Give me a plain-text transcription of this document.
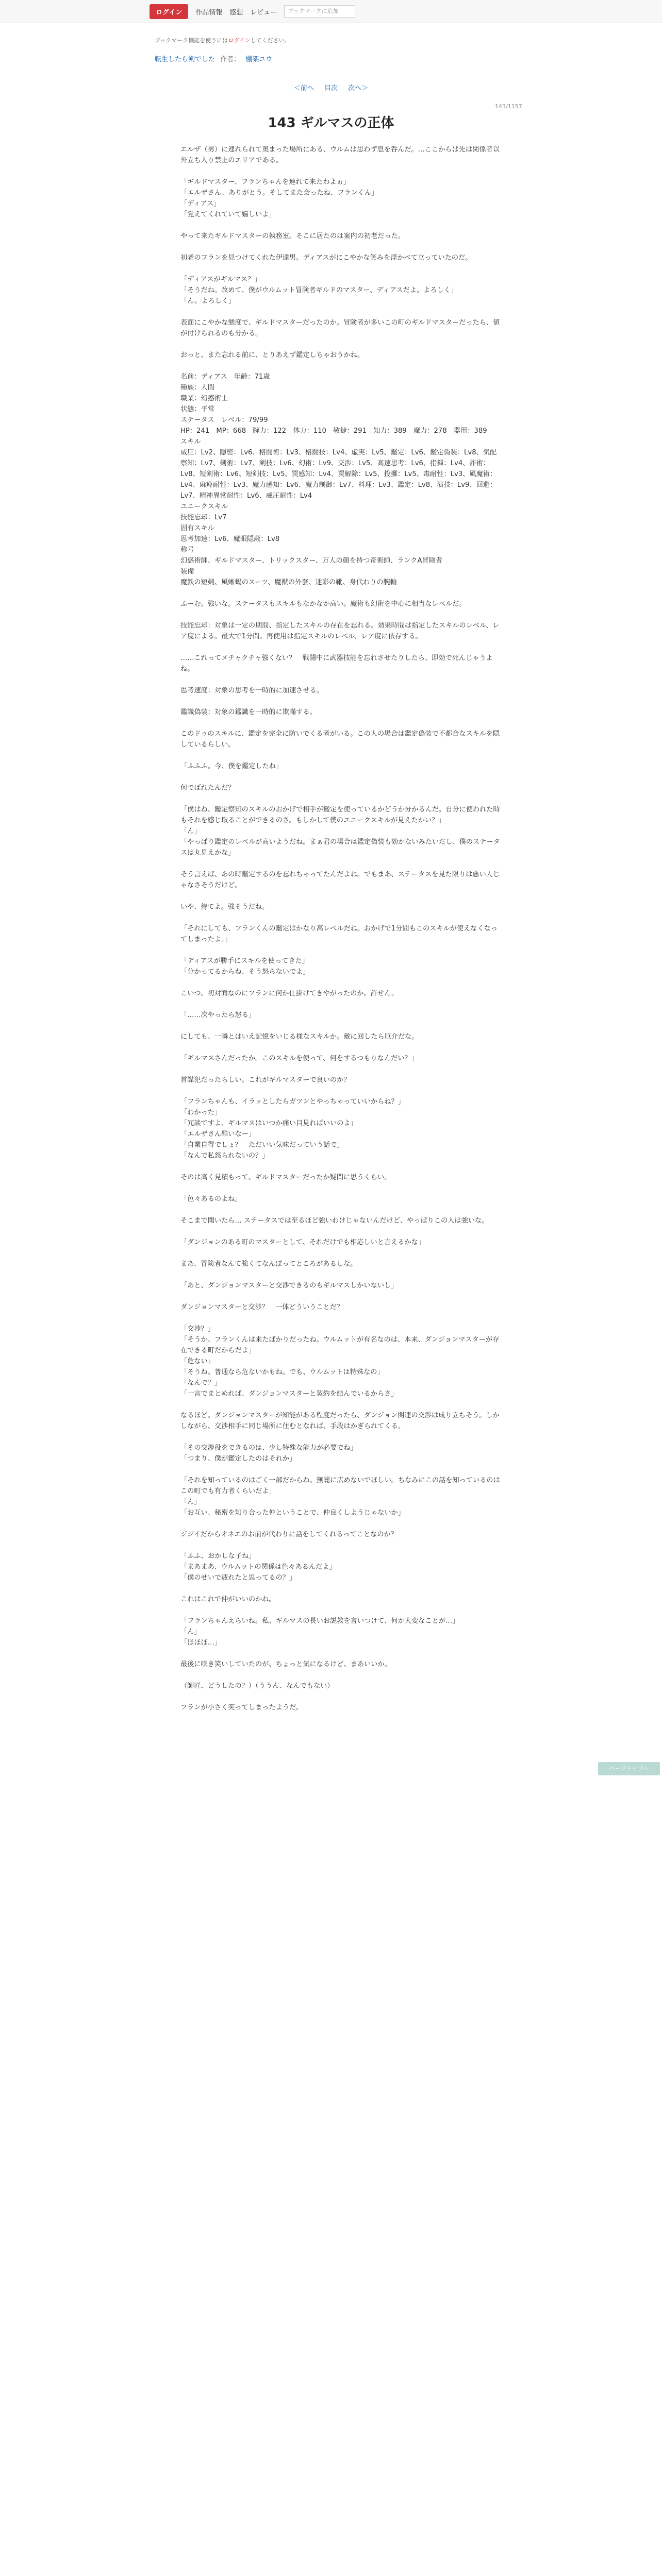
ログイン	作品情報 感想 レビュー	ブックマークに追加
ブックマーク機能を使うにはログインしてください。
転生したら剣でした 作者： 棚架ユウ
＜前へ 目次 次へ＞
143/1157
143 ギルマスの正体

エルザ（男）に連れられて奥まった場所にある、ウルムは思わず息を呑んだ。…ここからは先は関係者以外立ち入り禁止のエリアである。

「ギルドマスター、フランちゃんを連れて来たわよぉ」
「エルザさん、ありがとう。そしてまた会ったね、フランくん」
「ディアス」
「覚えてくれていて嬉しいよ」

やって来たギルドマスターの執務室。そこに居たのは案内の初老だった。

初老のフランを見つけてくれた伊達男。ディアスがにこやかな笑みを浮かべて立っていたのだ。

「ディアスがギルマス？」
「そうだね。改めて、僕がウルムット冒険者ギルドのマスター、ディアスだよ。よろしく」
「ん。よろしく」

表面にこやかな態度で、ギルドマスターだったのか。冒険者が多いこの町のギルドマスターだったら、値が付けられるのも分かる。

おっと、また忘れる前に、とりあえず鑑定しちゃおうかね。

名前：ディアス　年齢：71歳

種族：人間

職業：幻惑術士

状態：平常

ステータス　レベル：79/99

HP：241　MP：668　腕力：122　体力：110　敏捷：291　知力：389　魔力：278　器用：389

スキル

威圧：Lv2、隠密：Lv6、格闘術：Lv3、格闘技：Lv4、虚実：Lv5、鑑定：Lv6、鑑定偽装：Lv8、気配察知：Lv7、剣術：Lv7、剣技：Lv6、幻術：Lv9、交渉：Lv5、高速思考：Lv6、指揮：Lv4、詐術：Lv8、短剣術：Lv6、短剣技：Lv5、罠感知：Lv4、罠解除：Lv5、投擲：Lv5、毒耐性：Lv3、風魔術：Lv4、麻痺耐性：Lv3、魔力感知：Lv6、魔力制御：Lv7、料理：Lv3、鑑定：Lv8、演技：Lv9、回避：Lv7、精神異常耐性：Lv6、威圧耐性：Lv4

ユニークスキル

技能忘却：Lv7

固有スキル

思考加速：Lv6、魔眼隠蔽：Lv8

称号

幻惑術師、ギルドマスター、トリックスター、万人の顔を持つ奇術師、ランクA冒険者

装備

魔鉄の短剣、風蜥蜴のスーツ、魔獣の外套、迷彩の靴、身代わりの腕輪

ふーむ。強いな。ステータスもスキルもなかなか高い。魔術も幻術を中心に相当なレベルだ。

技能忘却：対象は一定の期間、指定したスキルの存在を忘れる。効果時間は指定したスキルのレベル、レア度による。最大で1分間。再使用は指定スキルのレベル、レア度に依存する。

……これってメチャクチャ強くない？　戦闘中に武器技能を忘れさせたりしたら、即効で死んじゃうよね。

思考速度：対象の思考を一時的に加速させる。

鑑識偽装：対象の鑑識を一時的に欺瞞する。

このドゥのスキルに、鑑定を完全に防いでくる者がいる。この人の場合は鑑定偽装で不都合なスキルを隠しているらしい。

「ふふふ。今、僕を鑑定したね」

何でばれたんだ？

「僕はね、鑑定察知のスキルのおかげで相手が鑑定を使っているかどうか分かるんだ。自分に使われた時もそれを感じ取ることができるのさ。もしかして僕のユニークスキルが見えたかい？」
「ん」
「やっぱり鑑定のレベルが高いようだね。まぁ君の場合は鑑定偽装も効かないみたいだし、僕のステータスは丸見えかな」

そう言えば、あの時鑑定するのを忘れちゃってたんだよね。でもまあ、ステータスを見た限りは悪い人じゃなさそうだけど。

いや、待てよ。強そうだね。

「それにしても、フランくんの鑑定はかなり高レベルだね。おかげで1分間もこのスキルが使えなくなってしまったよ。」

「ディアスが勝手にスキルを使ってきた」
「分かってるからね、そう怒らないでよ」

こいつ、初対面なのにフランに何か仕掛けてきやがったのか。許せん。

「……次やったら怒る」

にしても、一瞬とはいえ記憶をいじる様なスキルか。敵に回したら厄介だな。

「ギルマスさんだったか。このスキルを使って、何をするつもりなんだい？」

首謀犯だったらしい。これがギルマスターで良いのか？

「フランちゃんも、イラッとしたらガツンとやっちゃっていいからね？」
「わかった」
「冗談ですよ、ギルマスはいつか痛い目見ればいいのよ」
「エルザさん酷いなー」
「自業自得でしょ？　ただいい気味だっていう話で」
「なんで私怒られないの？」

そのは高く見積もって、ギルドマスターだったか疑問に思うくらい。

「色々あるのよね」

そこまで聞いたら… ステータスでは至るほど強いわけじゃないんだけど、やっぱりこの人は強いな。

「ダンジョンのある町のマスターとして、それだけでも相応しいと言えるかな」

まあ、冒険者なんて強くてなんぼってところがあるしな。

「あと、ダンジョンマスターと交渉できるのもギルマスしかいないし」

ダンジョンマスターと交渉？　一体どういうことだ？

「交渉？」
「そうか、フランくんは来たばかりだったね。ウルムットが有名なのは、本来、ダンジョンマスターが存在できる町だからだよ」
「危ない」
「そうね。普通なら危ないかもね。でも、ウルムットは特殊なの」
「なんで？」
「一言でまとめれば、ダンジョンマスターと契約を結んでいるからさ」

なるほど。ダンジョンマスターが知能がある程度だったら、ダンジョン関連の交渉は成り立ちそう。しかしながら、交渉相手に同じ場所に住むとなれば、手段はかぎられてくる。

「その交渉役をできるのは、少し特殊な能力が必要でね」
「つまり、僕が鑑定したのはそれか」

「それを知っているのはごく一部だからね。無闇に広めないでほしい。ちなみにこの話を知っているのはこの町でも有力者くらいだよ」
「ん」
「お互い、秘密を知り合った仲ということで、仲良くしようじゃないか」

ジジイだからオネエのお前が代わりに話をしてくれるってことなのか？

「ふふ、おかしな子ね」
「まあまあ、ウルムットの関係は色々あるんだよ」
「僕のせいで疲れたと思ってるの？」

これはこれで仲がいいのかね。

「フランちゃんえらいね。私、ギルマスの長いお説教を言いつけて、何か大変なことが…」
「ん」
「ほほほ…」

最後に咲き笑いしていたのが、ちょっと気になるけど、まあいいか。

（師匠、どうしたの？）（ううん、なんでもない）

フランが小さく笑ってしまったようだ。

ページトップへ
